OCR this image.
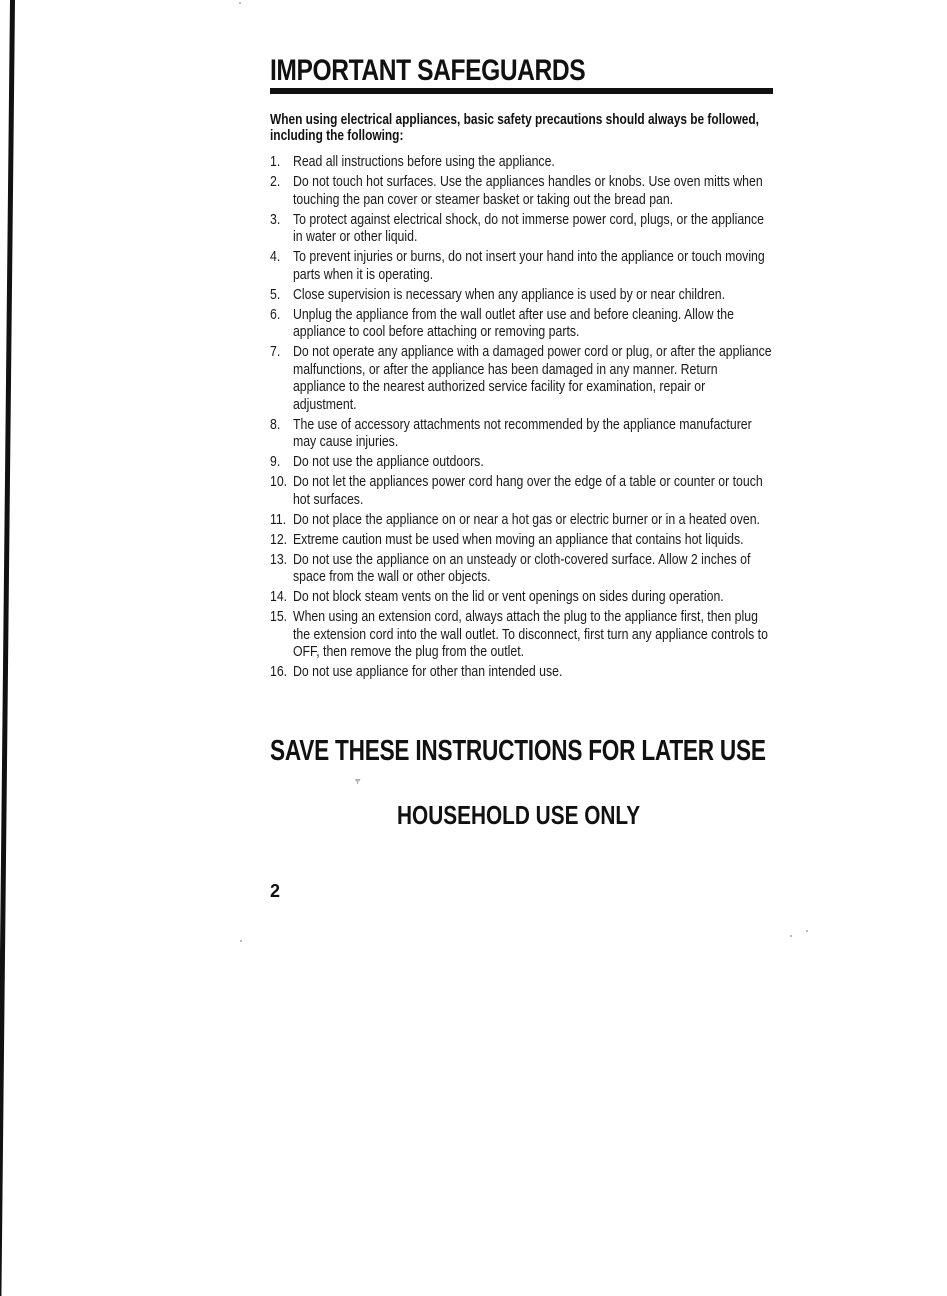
IMPORTANT SAFEGUARDS
When using electrical appliances, basic safety precautions should always be followed, including the following:
1. Read all instructions before using the appliance.
2. Do not touch hot surfaces. Use the appliances handles or knobs. Use oven mitts when touching the pan cover or steamer basket or taking out the bread pan.
3. To protect against electrical shock, do not immerse power cord, plugs, or the appliance in water or other liquid.
4. To prevent injuries or burns, do not insert your hand into the appliance or touch moving parts when it is operating.
5. Close supervision is necessary when any appliance is used by or near children.
6. Unplug the appliance from the wall outlet after use and before cleaning. Allow the appliance to cool before attaching or removing parts.
7. Do not operate any appliance with a damaged power cord or plug, or after the appliance malfunctions, or after the appliance has been damaged in any manner. Return appliance to the nearest authorized service facility for examination, repair or adjustment.
8. The use of accessory attachments not recommended by the appliance manufacturer may cause injuries.
9. Do not use the appliance outdoors.
10. Do not let the appliances power cord hang over the edge of a table or counter or touch hot surfaces.
11. Do not place the appliance on or near a hot gas or electric burner or in a heated oven.
12. Extreme caution must be used when moving an appliance that contains hot liquids.
13. Do not use the appliance on an unsteady or cloth-covered surface. Allow 2 inches of space from the wall or other objects.
14. Do not block steam vents on the lid or vent openings on sides during operation.
15. When using an extension cord, always attach the plug to the appliance first, then plug the extension cord into the wall outlet. To disconnect, first turn any appliance controls to OFF, then remove the plug from the outlet.
16. Do not use appliance for other than intended use.
SAVE THESE INSTRUCTIONS FOR LATER USE
⫧
HOUSEHOLD USE ONLY
2
